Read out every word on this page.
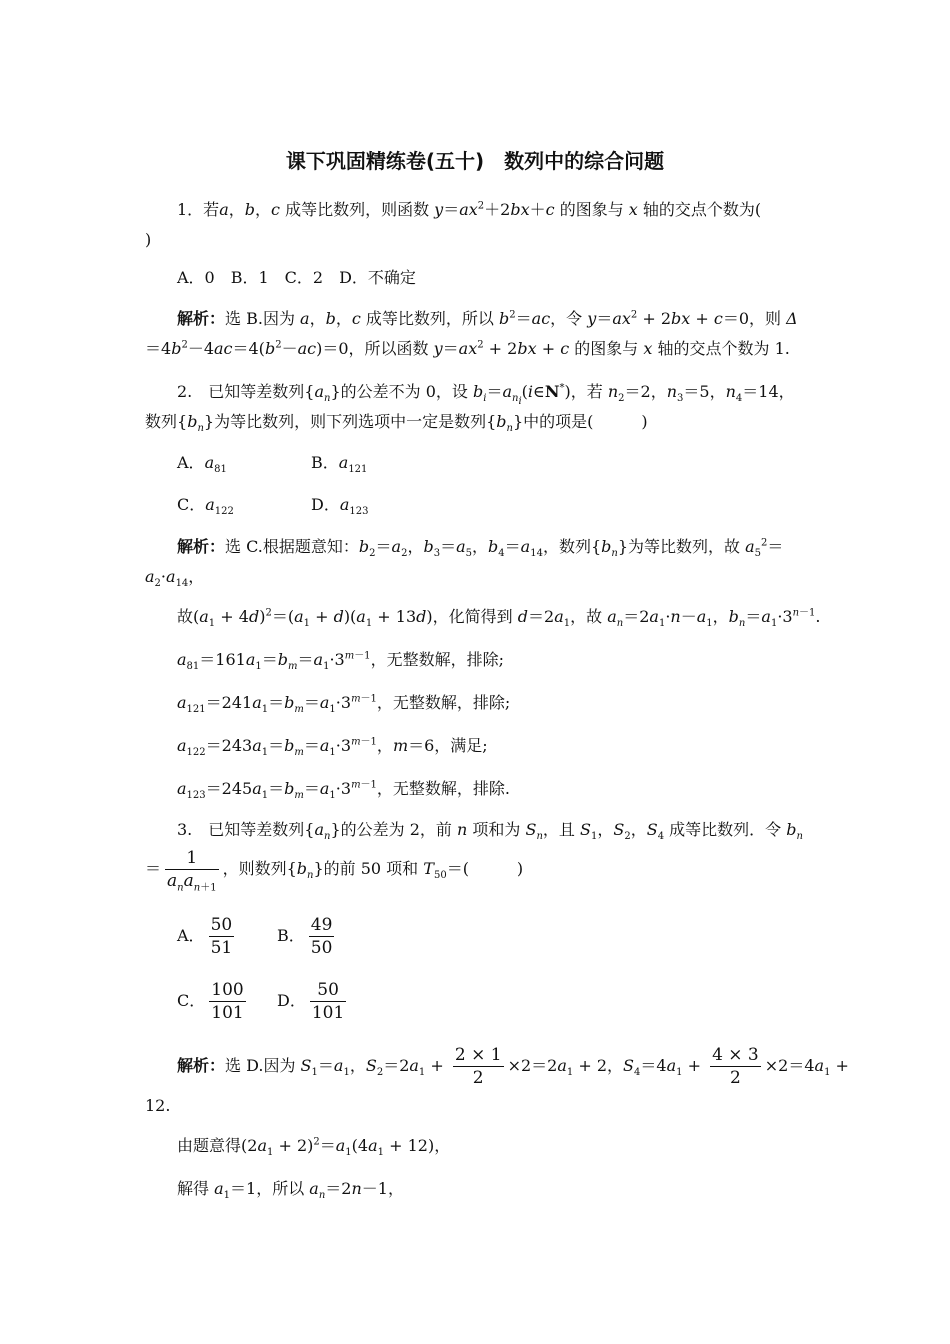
课下巩固精练卷(五十)　数列中的综合问题
1．若a，b，c 成等比数列，则函数 $y=ax^2+2bx+c$ 的图象与 x 轴的交点个数为(
)
A．0　B．1　C．2　D．不确定
解析：选 B.因为 a，b，c 成等比数列，所以 $b^2=ac$，令 $y=ax^2 + 2bx + c=0$，则 Δ
$=4b^2-4ac=4(b^2-ac)=0$，所以函数 $y=ax^2 + 2bx + c$ 的图象与 x 轴的交点个数为 1.
2.　已知等差数列$\{a_n\}$的公差不为 0，设 $b_i=a_{n_i}(i\in N^*)$，若 $n_2=2$，$n_3=5$，$n_4=14$，
数列$\{b_n\}$为等比数列，则下列选项中一定是数列$\{b_n\}$中的项是(　　　)
A．$a_{81}$	B．$a_{121}$
C．$a_{122}$	D．$a_{123}$
解析：选 C.根据题意知：$b_2=a_2$，$b_3=a_5$，$b_4=a_{14}$，数列$\{b_n\}$为等比数列，故 $a_5^2=$
$a_2\cdot a_{14}$，
故$(a_1 + 4d)^2=(a_1 + d)(a_1 + 13d)$，化简得到 $d=2a_1$，故 $a_n=2a_1\cdot n-a_1$，$b_n=a_1\cdot 3^{n-1}$.
$a_{81}=161a_1=b_m=a_1\cdot 3^{m-1}$，无整数解，排除;
$a_{121}=241a_1=b_m=a_1\cdot 3^{m-1}$，无整数解，排除;
$a_{122}=243a_1=b_m=a_1\cdot 3^{m-1}$，m＝6，满足;
$a_{123}=245a_1=b_m=a_1\cdot 3^{m-1}$，无整数解，排除.
3.　已知等差数列$\{a_n\}$的公差为 2，前 n 项和为 $S_n$，且 $S_1$，$S_2$，$S_4$ 成等比数列．令 $b_n$
＝ $\frac{1}{a_na_{n+1}}$ ，则数列$\{b_n\}$的前 50 项和 $T_{50}=$(　　　)
A． $\frac{50}{51}$	B． $\frac{49}{50}$
C． $\frac{100}{101}$ D． $\frac{50}{101}$
解析：选 D.因为 $S_1=a_1$，$S_2=2a_1 + \frac{2 \times 1}{2} \times 2=2a_1 + 2$，$S_4=4a_1 + \frac{4 \times 3}{2} \times 2=4a_1$ +
12.
由题意得$(2a_1 + 2)^2=a_1(4a_1 + 12)$，
解得 $a_1=1$，所以 $a_n=2n-1$，
